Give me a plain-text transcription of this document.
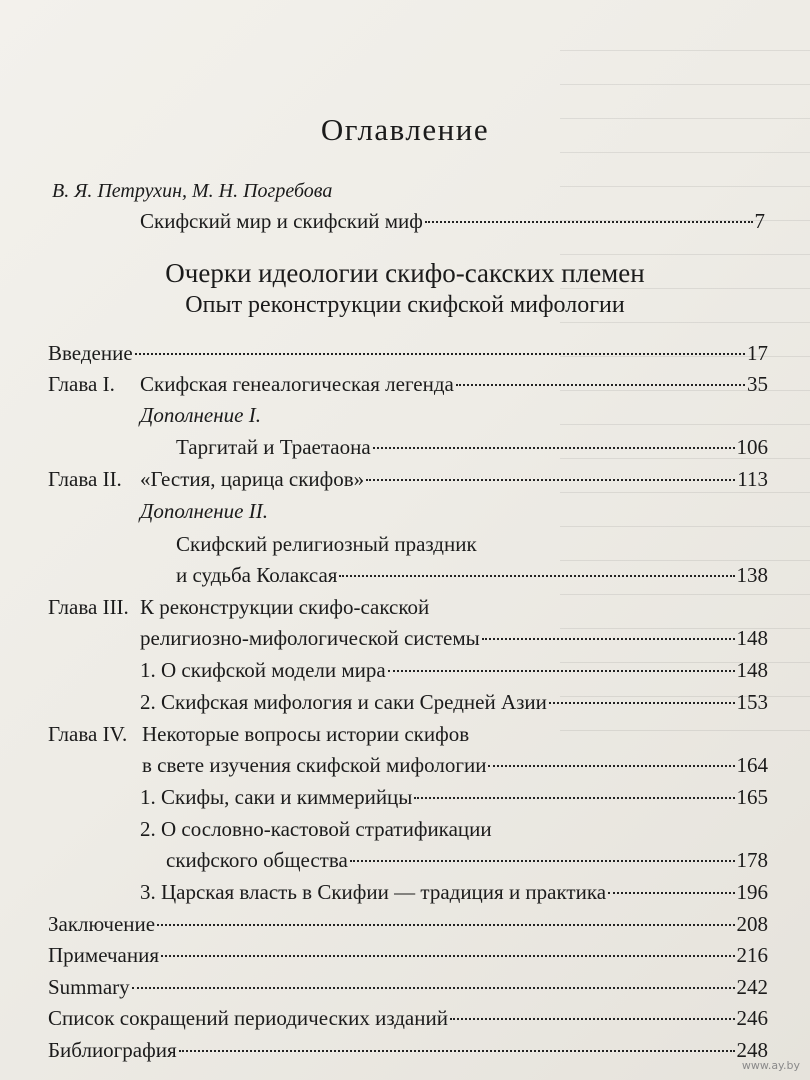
Оглавление
В. Я. Петрухин, М. Н. Погребова
Скифский мир и скифский миф	7
Очерки идеологии скифо-сакских племен
Опыт реконструкции скифской мифологии
Введение	17
Глава I.	Скифская генеалогическая легенда	35
Дополнение I.
Таргитай и Траетаона	106
Глава II. «Гестия, царица скифов»	113
Дополнение II.
Скифский религиозный праздник
и судьба Колаксая	138
Глава III. К реконструкции скифо-сакской
религиозно-мифологической системы	148
1. О скифской модели мира	148
2. Скифская мифология и саки Средней Азии	153
Глава IV. Некоторые вопросы истории скифов
в свете изучения скифской мифологии	164
1. Скифы, саки и киммерийцы	165
2. О сословно-кастовой стратификации
скифского общества	178
3. Царская власть в Скифии — традиция и практика	196
Заключение	208
Примечания	216
Summary	242
Список сокращений периодических изданий	246
Библиография	248
www.ay.by
